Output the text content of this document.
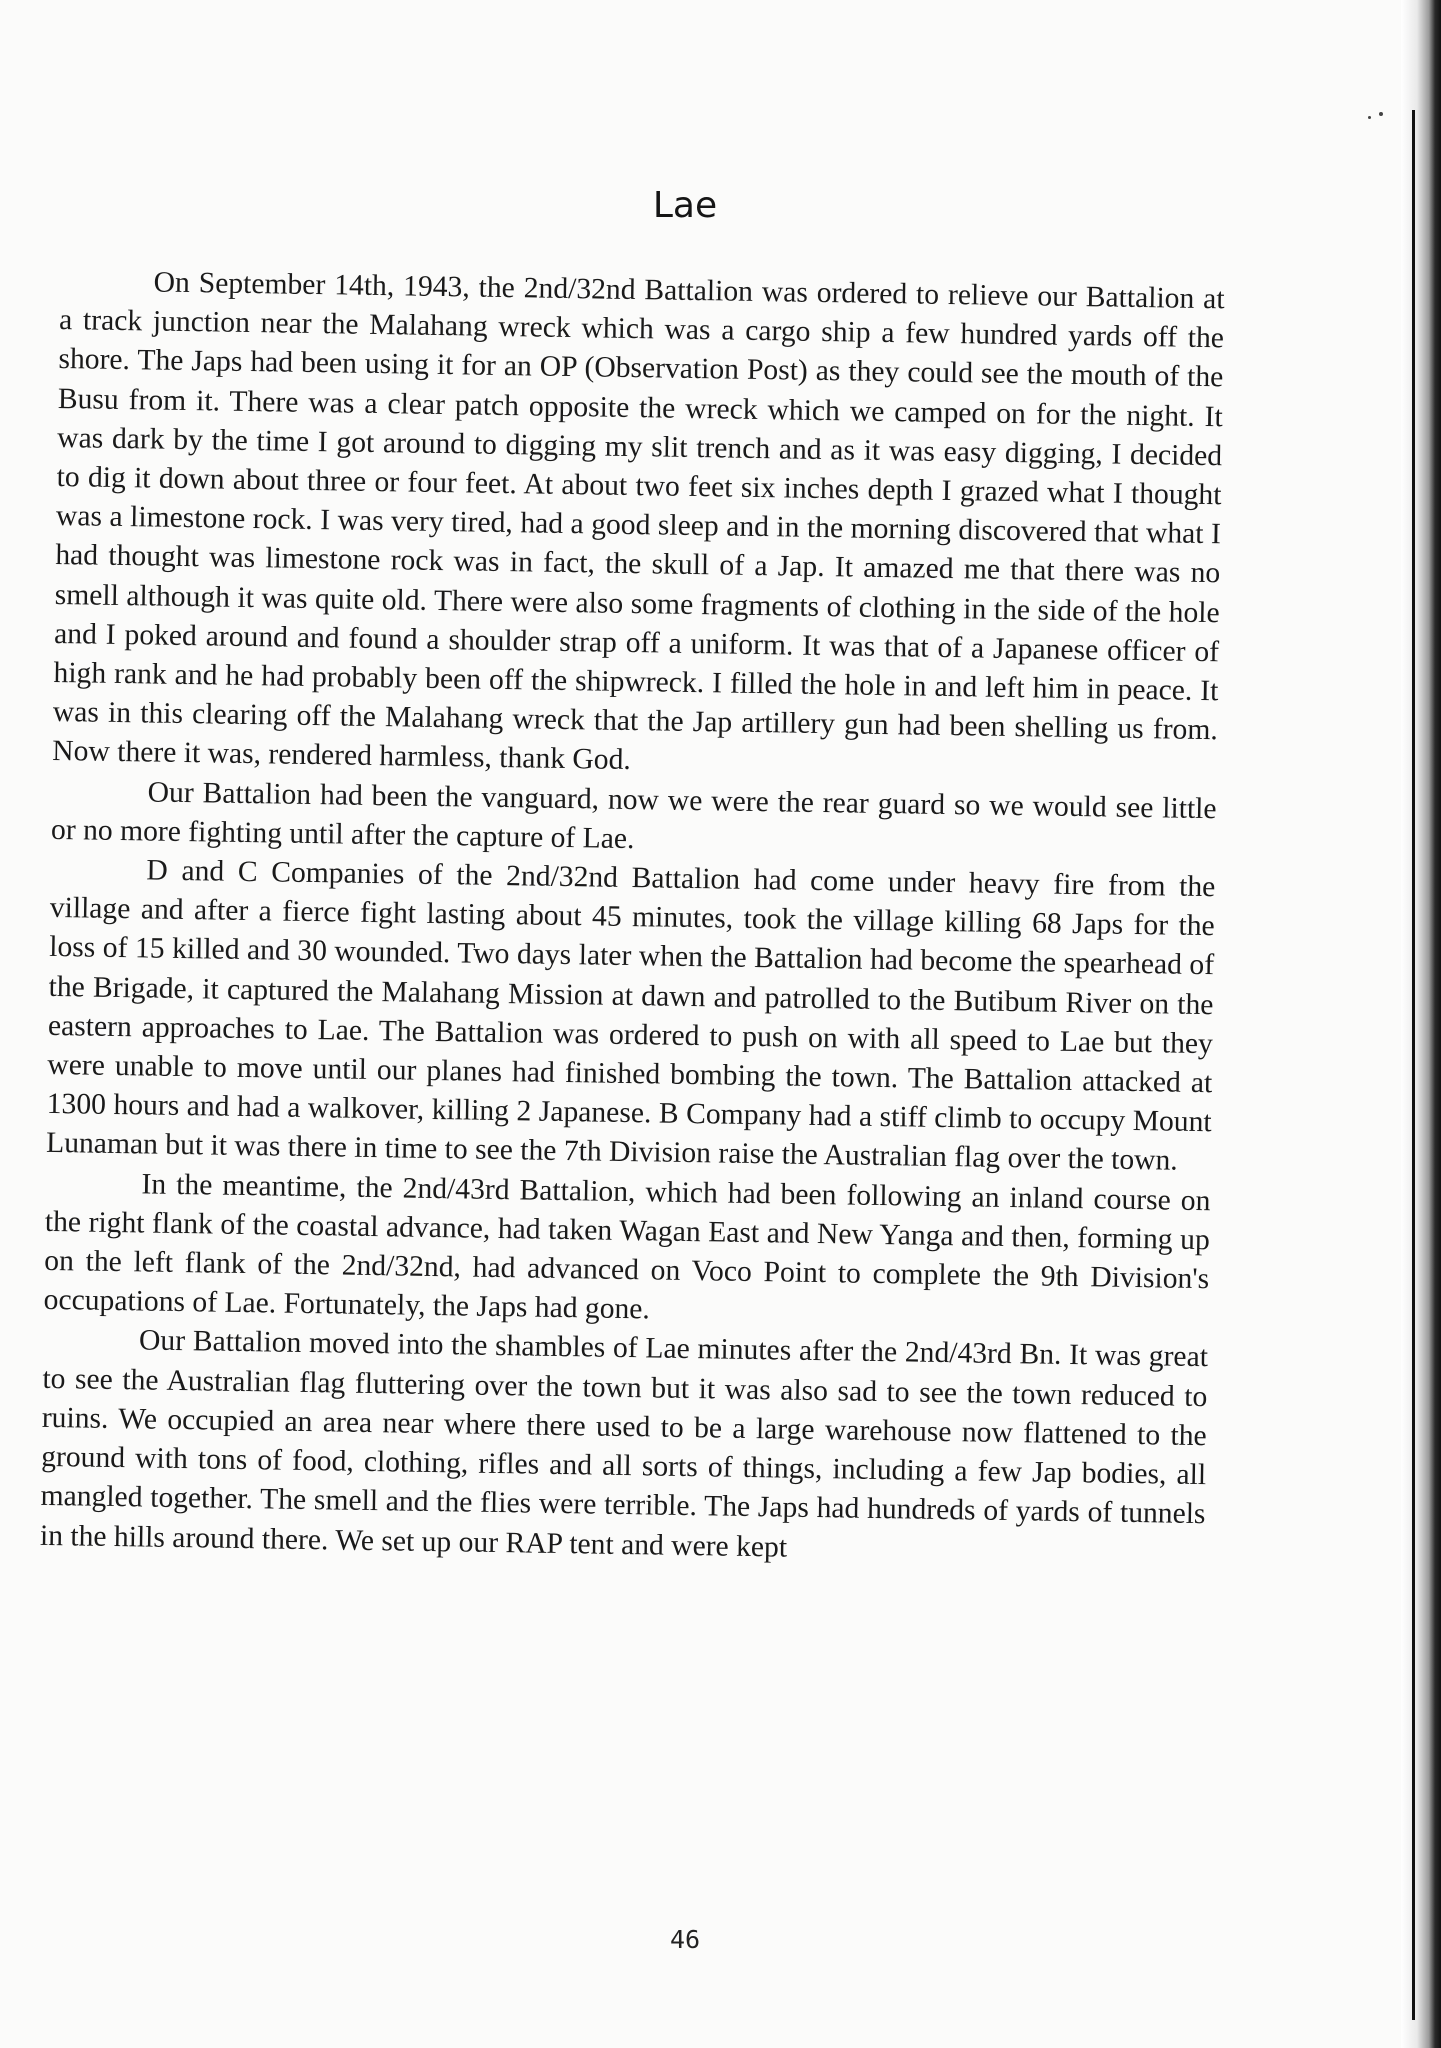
Lae

On September 14th, 1943, the 2nd/32nd Battalion was ordered to relieve our Battalion at a track junction near the Malahang wreck which was a cargo ship a few hundred yards off the shore. The Japs had been using it for an OP (Observation Post) as they could see the mouth of the Busu from it. There was a clear patch opposite the wreck which we camped on for the night. It was dark by the time I got around to digging my slit trench and as it was easy digging, I decided to dig it down about three or four feet. At about two feet six inches depth I grazed what I thought was a limestone rock. I was very tired, had a good sleep and in the morning discovered that what I had thought was limestone rock was in fact, the skull of a Jap. It amazed me that there was no smell although it was quite old. There were also some fragments of clothing in the side of the hole and I poked around and found a shoulder strap off a uniform. It was that of a Japanese officer of high rank and he had probably been off the shipwreck. I filled the hole in and left him in peace. It was in this clearing off the Malahang wreck that the Jap artillery gun had been shelling us from. Now there it was, rendered harmless, thank God.

Our Battalion had been the vanguard, now we were the rear guard so we would see little or no more fighting until after the capture of Lae.

D and C Companies of the 2nd/32nd Battalion had come under heavy fire from the village and after a fierce fight lasting about 45 minutes, took the village killing 68 Japs for the loss of 15 killed and 30 wounded. Two days later when the Battalion had become the spearhead of the Brigade, it captured the Malahang Mission at dawn and patrolled to the Butibum River on the eastern approaches to Lae. The Battalion was ordered to push on with all speed to Lae but they were unable to move until our planes had finished bombing the town. The Battalion attacked at 1300 hours and had a walkover, killing 2 Japanese. B Company had a stiff climb to occupy Mount Lunaman but it was there in time to see the 7th Division raise the Australian flag over the town.

In the meantime, the 2nd/43rd Battalion, which had been following an inland course on the right flank of the coastal advance, had taken Wagan East and New Yanga and then, forming up on the left flank of the 2nd/32nd, had advanced on Voco Point to complete the 9th Division's occupations of Lae. Fortunately, the Japs had gone.

Our Battalion moved into the shambles of Lae minutes after the 2nd/43rd Bn. It was great to see the Australian flag fluttering over the town but it was also sad to see the town reduced to ruins. We occupied an area near where there used to be a large warehouse now flattened to the ground with tons of food, clothing, rifles and all sorts of things, including a few Jap bodies, all mangled together. The smell and the flies were terrible. The Japs had hundreds of yards of tunnels in the hills around there. We set up our RAP tent and were kept

46
